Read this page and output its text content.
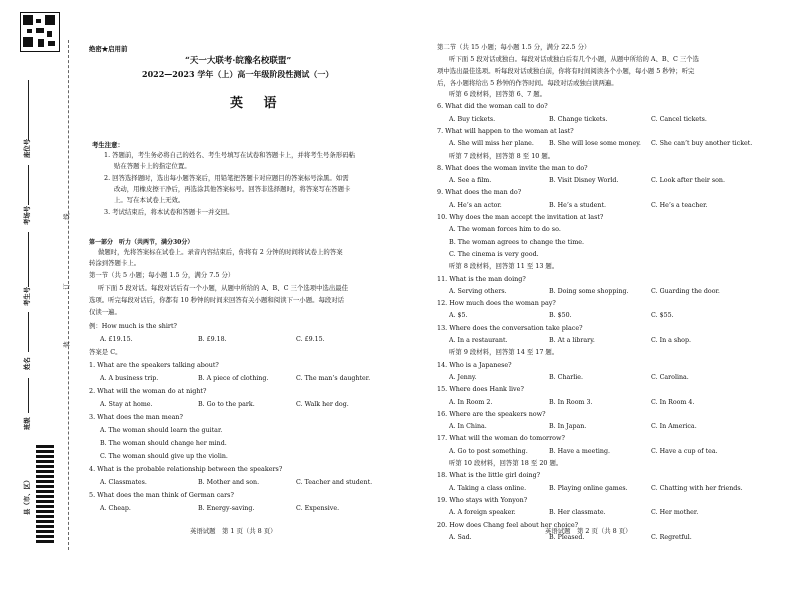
座位号
考场号
考生号
姓名
班级
县（市、区）
线
订
装
绝密★启用前
“天一大联考·皖豫名校联盟”
2022—2023 学年（上）高一年级阶段性测试（一）
英 语
考生注意：
1. 答题前，考生务必将自己的姓名、考生号填写在试卷和答题卡上，并将考生号条形码粘
贴在答题卡上的指定位置。
2. 回答选择题时，选出每小题答案后，用铅笔把答题卡对应题目的答案标号涂黑。如需
改动，用橡皮擦干净后，再选涂其他答案标号。回答非选择题时，将答案写在答题卡
上。写在本试卷上无效。
3. 考试结束后，将本试卷和答题卡一并交回。
第一部分　听力（共两节，满分30分）
做题时，先将答案标在试卷上。录音内容结束后，你将有 2 分钟的时间将试卷上的答案
转涂到答题卡上。
第一节（共 5 小题；每小题 1.5 分，满分 7.5 分）
听下面 5 段对话。每段对话后有一个小题，从题中所给的 A、B、C 三个选项中选出最佳
选项。听完每段对话后，你都有 10 秒钟的时间来回答有关小题和阅读下一小题。每段对话
仅读一遍。
例：How much is the shirt?
A. £19.15.	B. £9.18.	C. £9.15.
答案是 C。
1. What are the speakers talking about?
A. A business trip.	B. A piece of clothing.	C. The man’s daughter.
2. What will the woman do at night?
A. Stay at home.	B. Go to the park.	C. Walk her dog.
3. What does the man mean?
A. The woman should learn the guitar.
B. The woman should change her mind.
C. The woman should give up the violin.
4. What is the probable relationship between the speakers?
A. Classmates.	B. Mother and son.	C. Teacher and student.
5. What does the man think of German cars?
A. Cheap.	B. Energy-saving.	C. Expensive.
英语试题　第 1 页（共 8 页）
第二节（共 15 小题；每小题 1.5 分，满分 22.5 分）
听下面 5 段对话或独白。每段对话或独白后有几个小题，从题中所给的 A、B、C 三个选
项中选出最佳选项。听每段对话或独白前，你将有时间阅读各个小题，每小题 5 秒钟；听完
后，各小题将给出 5 秒钟的作答时间。每段对话或独白读两遍。
听第 6 段材料，回答第 6、7 题。
6. What did the woman call to do?
A. Buy tickets.	B. Change tickets.	C. Cancel tickets.
7. What will happen to the woman at last?
A. She will miss her plane. B. She will lose some money. C. She can’t buy another ticket.
听第 7 段材料，回答第 8 至 10 题。
8. What does the woman invite the man to do?
A. See a film.	B. Visit Disney World.	C. Look after their son.
9. What does the man do?
A. He’s an actor.	B. He’s a student.	C. He’s a teacher.
10. Why does the man accept the invitation at last?
A. The woman forces him to do so.
B. The woman agrees to change the time.
C. The cinema is very good.
听第 8 段材料，回答第 11 至 13 题。
11. What is the man doing?
A. Serving others.	B. Doing some shopping.	C. Guarding the door.
12. How much does the woman pay?
A. $5.	B. $50.	C. $55.
13. Where does the conversation take place?
A. In a restaurant.	B. At a library.	C. In a shop.
听第 9 段材料，回答第 14 至 17 题。
14. Who is a Japanese?
A. Jenny.	B. Charlie.	C. Carolina.
15. Where does Hank live?
A. In Room 2.	B. In Room 3.	C. In Room 4.
16. Where are the speakers now?
A. In China.	B. In Japan.	C. In America.
17. What will the woman do tomorrow?
A. Go to post something.	B. Have a meeting.	C. Have a cup of tea.
听第 10 段材料，回答第 18 至 20 题。
18. What is the little girl doing?
A. Taking a class online.	B. Playing online games.	C. Chatting with her friends.
19. Who stays with Yonyon?
A. A foreign speaker.	B. Her classmate.	C. Her mother.
20. How does Chang feel about her choice?
A. Sad.	B. Pleased.	C. Regretful.
英语试题　第 2 页（共 8 页）
